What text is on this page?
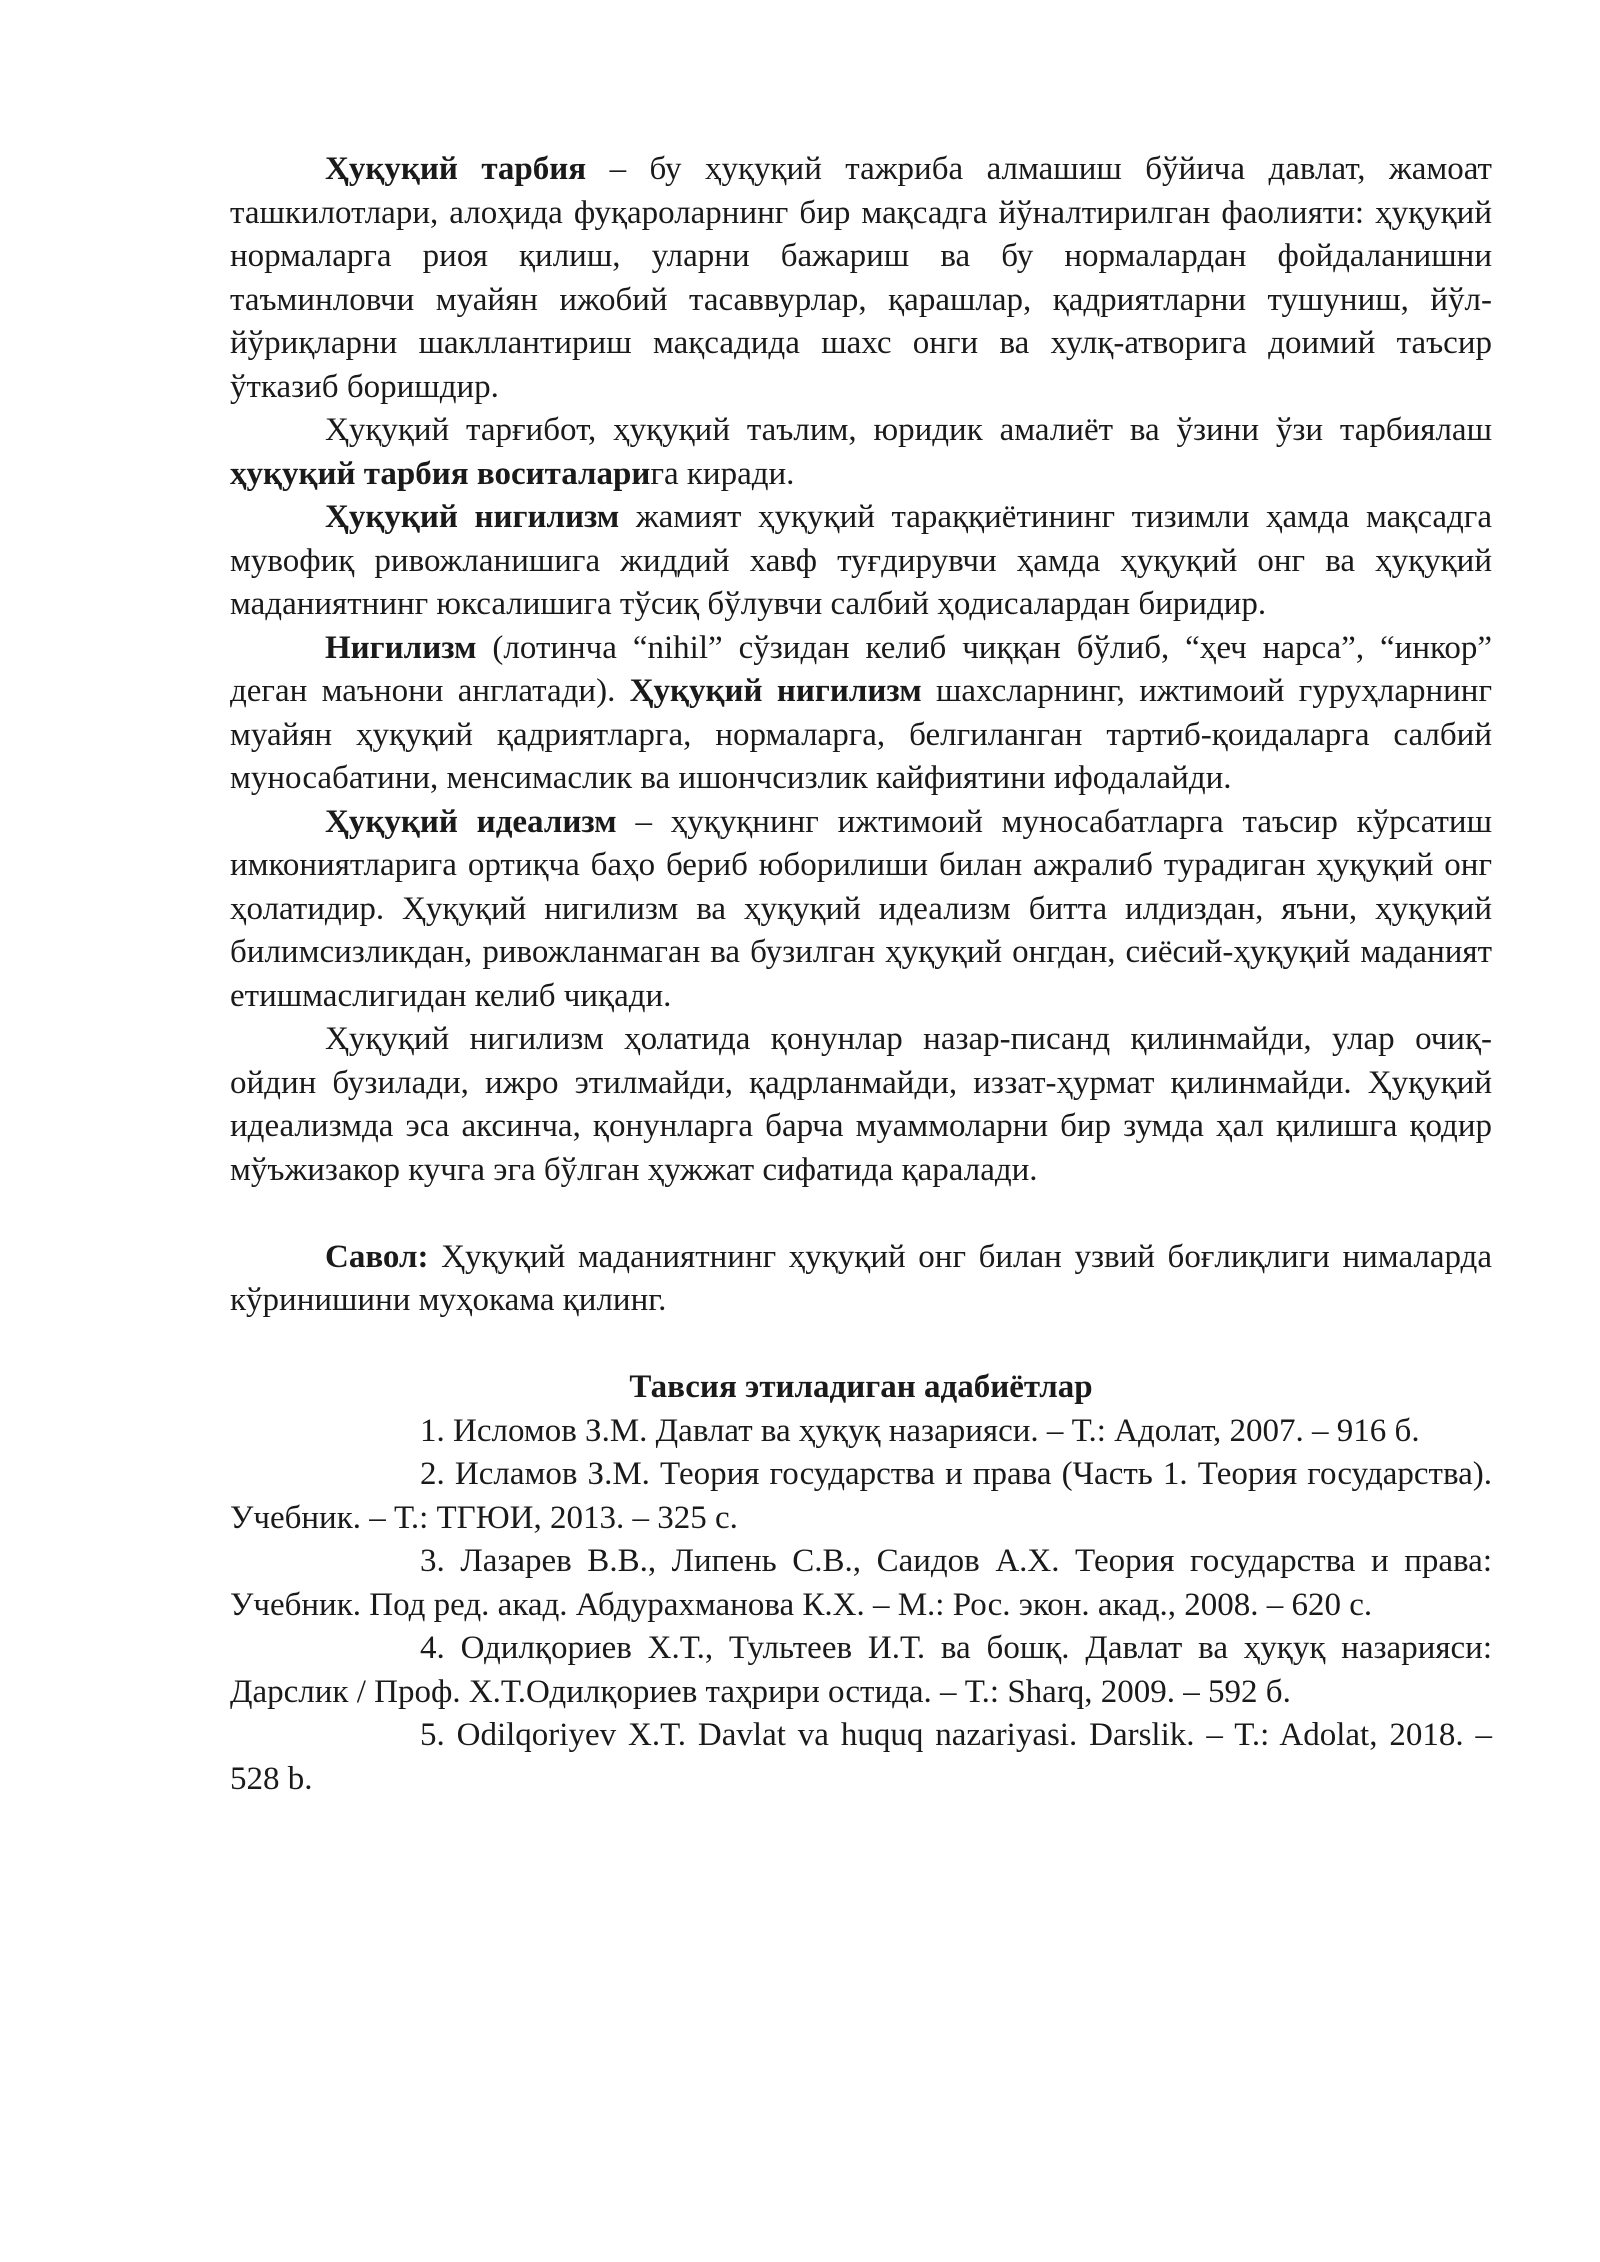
Ҳуқуқий тарбия – бу ҳуқуқий тажриба алмашиш бўйича давлат, жамоат ташкилотлари, алоҳида фуқароларнинг бир мақсадга йўналтирилган фаолияти: ҳуқуқий нормаларга риоя қилиш, уларни бажариш ва бу нормалардан фойдаланишни таъминловчи муайян ижобий тасаввурлар, қарашлар, қадриятларни тушуниш, йўл-йўриқларни шакллантириш мақсадида шахс онги ва хулқ-атворига доимий таъсир ўтказиб боришдир.

Ҳуқуқий тарғибот, ҳуқуқий таълим, юридик амалиёт ва ўзини ўзи тарбиялаш ҳуқуқий тарбия воситаларига киради.

Ҳуқуқий нигилизм жамият ҳуқуқий тараққиётининг тизимли ҳамда мақсадга мувофиқ ривожланишига жиддий хавф туғдирувчи ҳамда ҳуқуқий онг ва ҳуқуқий маданиятнинг юксалишига тўсиқ бўлувчи салбий ҳодисалардан биридир.

Нигилизм (лотинча “nihil” сўзидан келиб чиққан бўлиб, “ҳеч нарса”, “инкор” деган маънони англатади). Ҳуқуқий нигилизм шахсларнинг, ижтимоий гуруҳларнинг муайян ҳуқуқий қадриятларга, нормаларга, белгиланган тартиб-қоидаларга салбий муносабатини, менсимаслик ва ишончсизлик кайфиятини ифодалайди.

Ҳуқуқий идеализм – ҳуқуқнинг ижтимоий муносабатларга таъсир кўрсатиш имкониятларига ортиқча баҳо бериб юборилиши билан ажралиб турадиган ҳуқуқий онг ҳолатидир. Ҳуқуқий нигилизм ва ҳуқуқий идеализм битта илдиздан, яъни, ҳуқуқий билимсизликдан, ривожланмаган ва бузилган ҳуқуқий онгдан, сиёсий-ҳуқуқий маданият етишмаслигидан келиб чиқади.

Ҳуқуқий нигилизм ҳолатида қонунлар назар-писанд қилинмайди, улар очиқ-ойдин бузилади, ижро этилмайди, қадрланмайди, иззат-ҳурмат қилинмайди. Ҳуқуқий идеализмда эса аксинча, қонунларга барча муаммоларни бир зумда ҳал қилишга қодир мўъжизакор кучга эга бўлган ҳужжат сифатида қаралади.

Савол: Ҳуқуқий маданиятнинг ҳуқуқий онг билан узвий боғлиқлиги нималарда кўринишини муҳокама қилинг.

Тавсия этиладиган адабиётлар

1. Исломов З.М. Давлат ва ҳуқуқ назарияси. – Т.: Адолат, 2007. – 916 б.

2. Исламов З.М. Теория государства и права (Часть 1. Теория государства). Учебник. – Т.: ТГЮИ, 2013. – 325 с.

3. Лазарев В.В., Липень С.В., Саидов А.Х. Теория государства и права: Учебник. Под ред. акад. Абдурахманова К.Х. – М.: Рос. экон. акад., 2008. – 620 с.

4. Одилқориев Х.Т., Тультеев И.Т. ва бошқ. Давлат ва ҳуқуқ назарияси: Дарслик / Проф. Х.Т.Одилқориев таҳрири остида. – Т.: Sharq, 2009. – 592 б.

5. Odilqoriyev X.T. Davlat va huquq nazariyasi. Darslik. – T.: Adolat, 2018. – 528 b.
